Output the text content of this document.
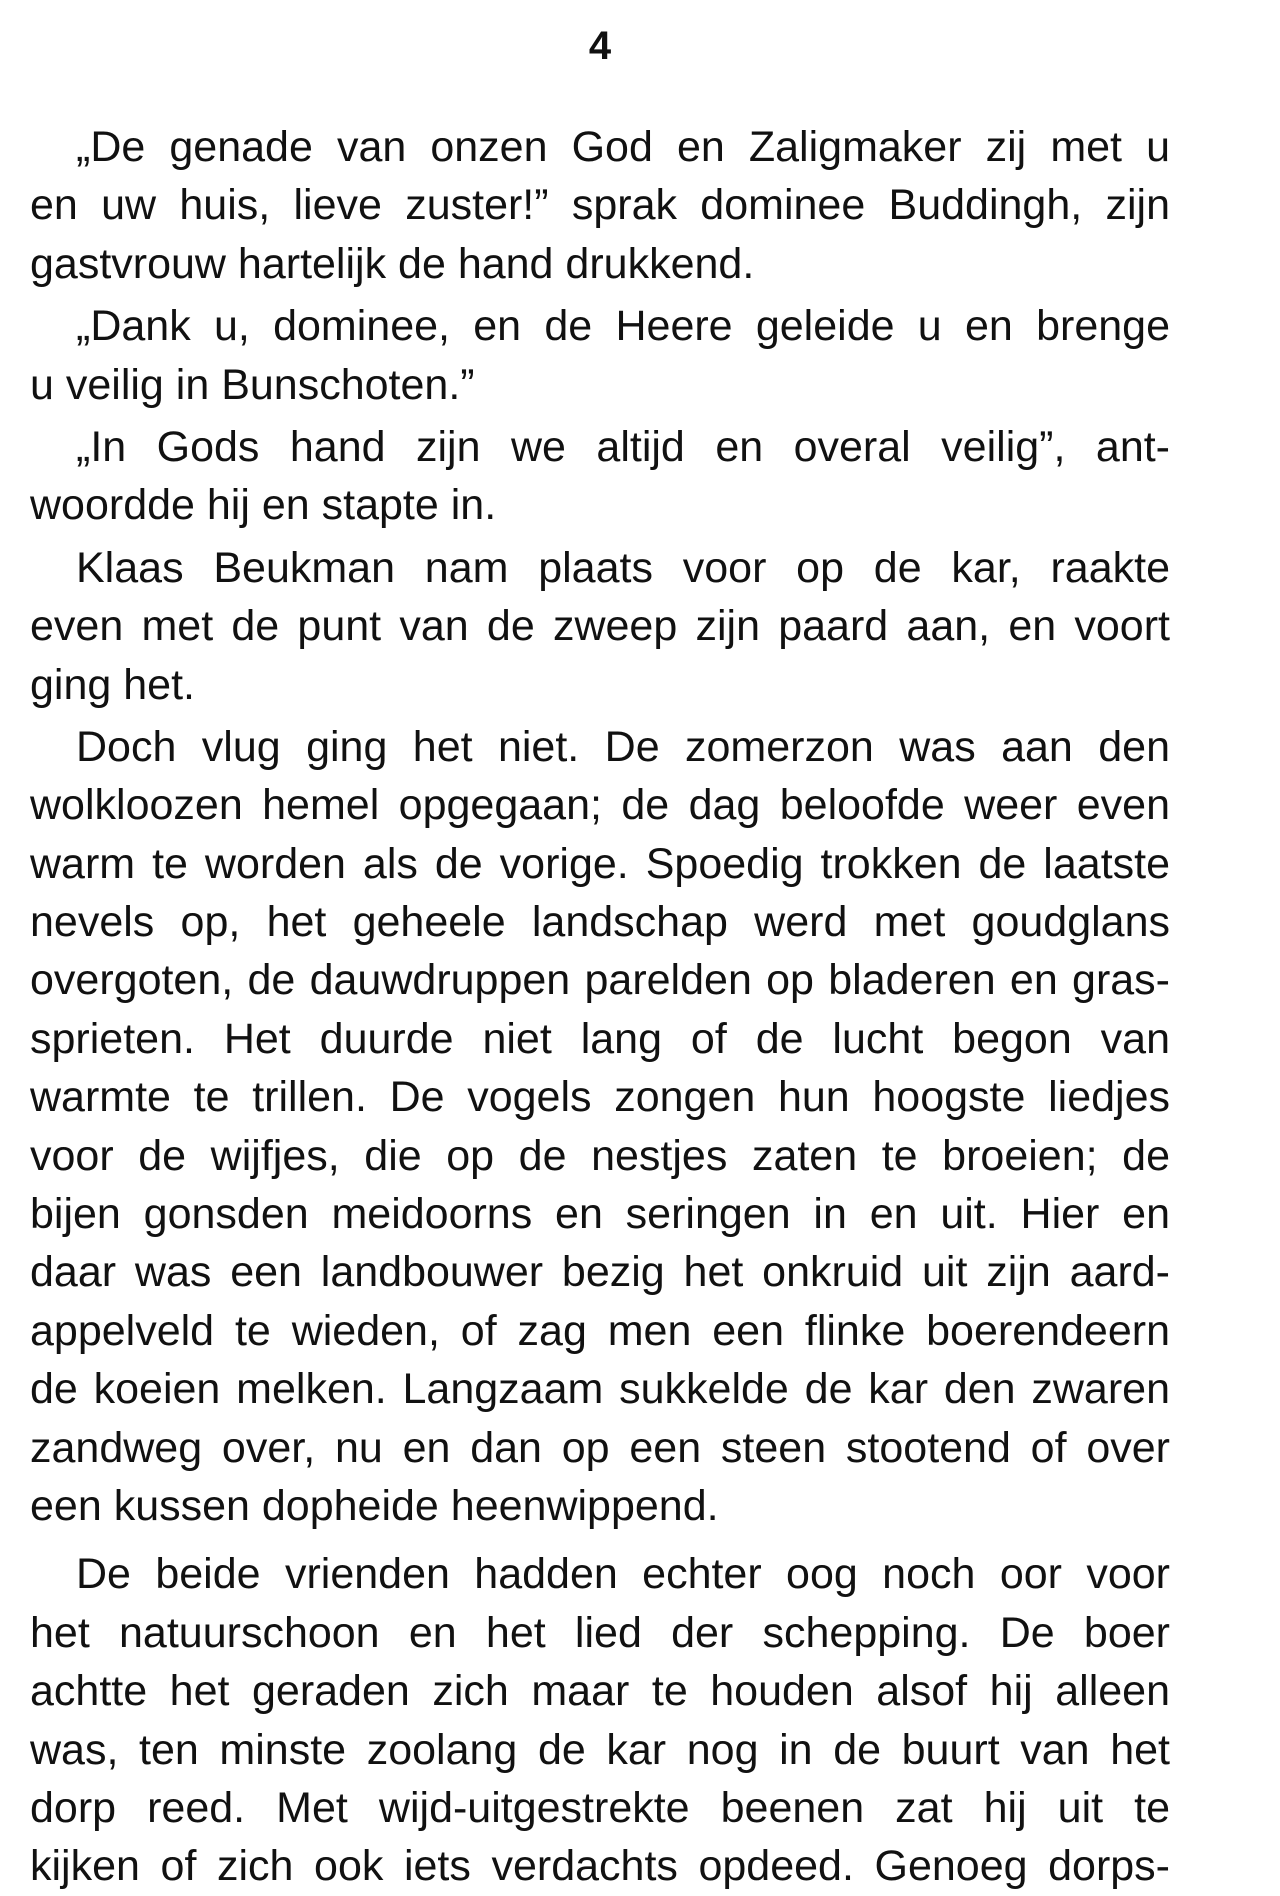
4
„De genade van onzen God en Zaligmaker zij met u
en uw huis, lieve zuster!” sprak dominee Buddingh, zijn
gastvrouw hartelijk de hand drukkend.
„Dank u, dominee, en de Heere geleide u en brenge
u veilig in Bunschoten.”
„In Gods hand zijn we altijd en overal veilig”, ant-
woordde hij en stapte in.
Klaas Beukman nam plaats voor op de kar, raakte
even met de punt van de zweep zijn paard aan, en voort
ging het.
Doch vlug ging het niet. De zomerzon was aan den
wolkloozen hemel opgegaan; de dag beloofde weer even
warm te worden als de vorige. Spoedig trokken de laatste
nevels op, het geheele landschap werd met goudglans
overgoten, de dauwdruppen parelden op bladeren en gras-
sprieten. Het duurde niet lang of de lucht begon van
warmte te trillen. De vogels zongen hun hoogste liedjes
voor de wijfjes, die op de nestjes zaten te broeien; de
bijen gonsden meidoorns en seringen in en uit. Hier en
daar was een landbouwer bezig het onkruid uit zijn aard-
appelveld te wieden, of zag men een flinke boerendeern
de koeien melken. Langzaam sukkelde de kar den zwaren
zandweg over, nu en dan op een steen stootend of over
een kussen dopheide heenwippend.
De beide vrienden hadden echter oog noch oor voor
het natuurschoon en het lied der schepping. De boer
achtte het geraden zich maar te houden alsof hij alleen
was, ten minste zoolang de kar nog in de buurt van het
dorp reed. Met wijd-uitgestrekte beenen zat hij uit te
kijken of zich ook iets verdachts opdeed. Genoeg dorps-
